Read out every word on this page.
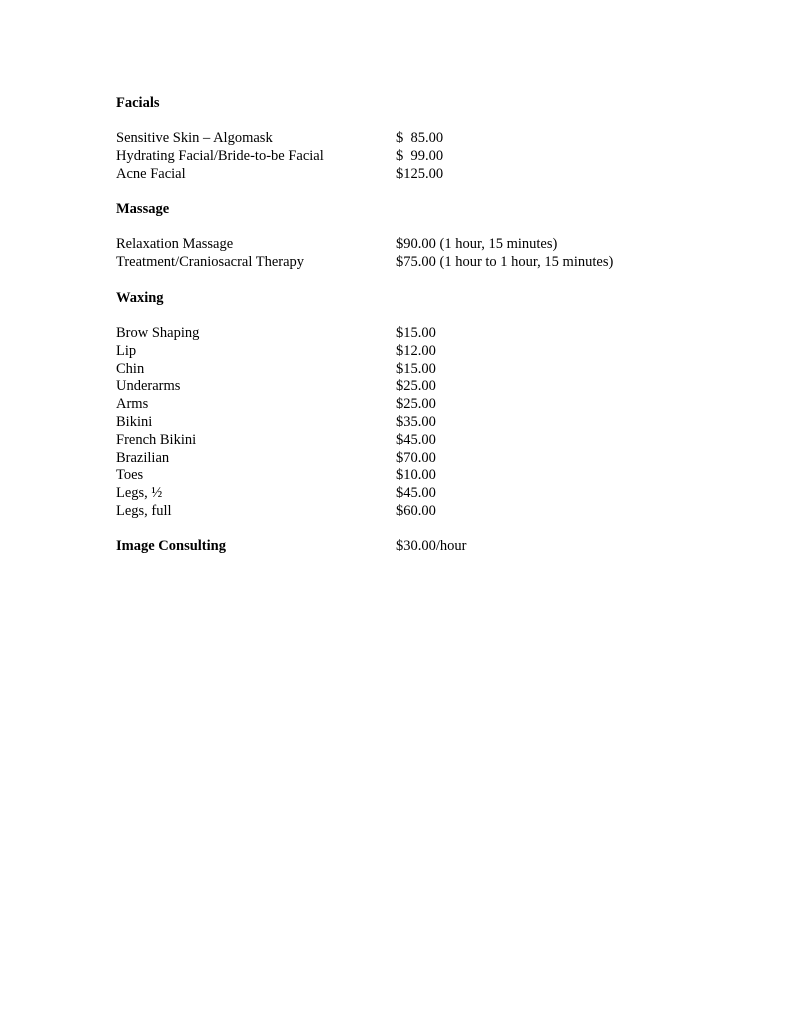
Facials
Sensitive Skin – Algomask	$  85.00
Hydrating Facial/Bride-to-be Facial	$  99.00
Acne Facial	$125.00
Massage
Relaxation Massage	$90.00 (1 hour, 15 minutes)
Treatment/Craniosacral Therapy	$75.00 (1 hour to 1 hour, 15 minutes)
Waxing
Brow Shaping	$15.00
Lip	$12.00
Chin	$15.00
Underarms	$25.00
Arms	$25.00
Bikini	$35.00
French Bikini	$45.00
Brazilian	$70.00
Toes	$10.00
Legs, ½	$45.00
Legs, full	$60.00
Image Consulting	$30.00/hour
